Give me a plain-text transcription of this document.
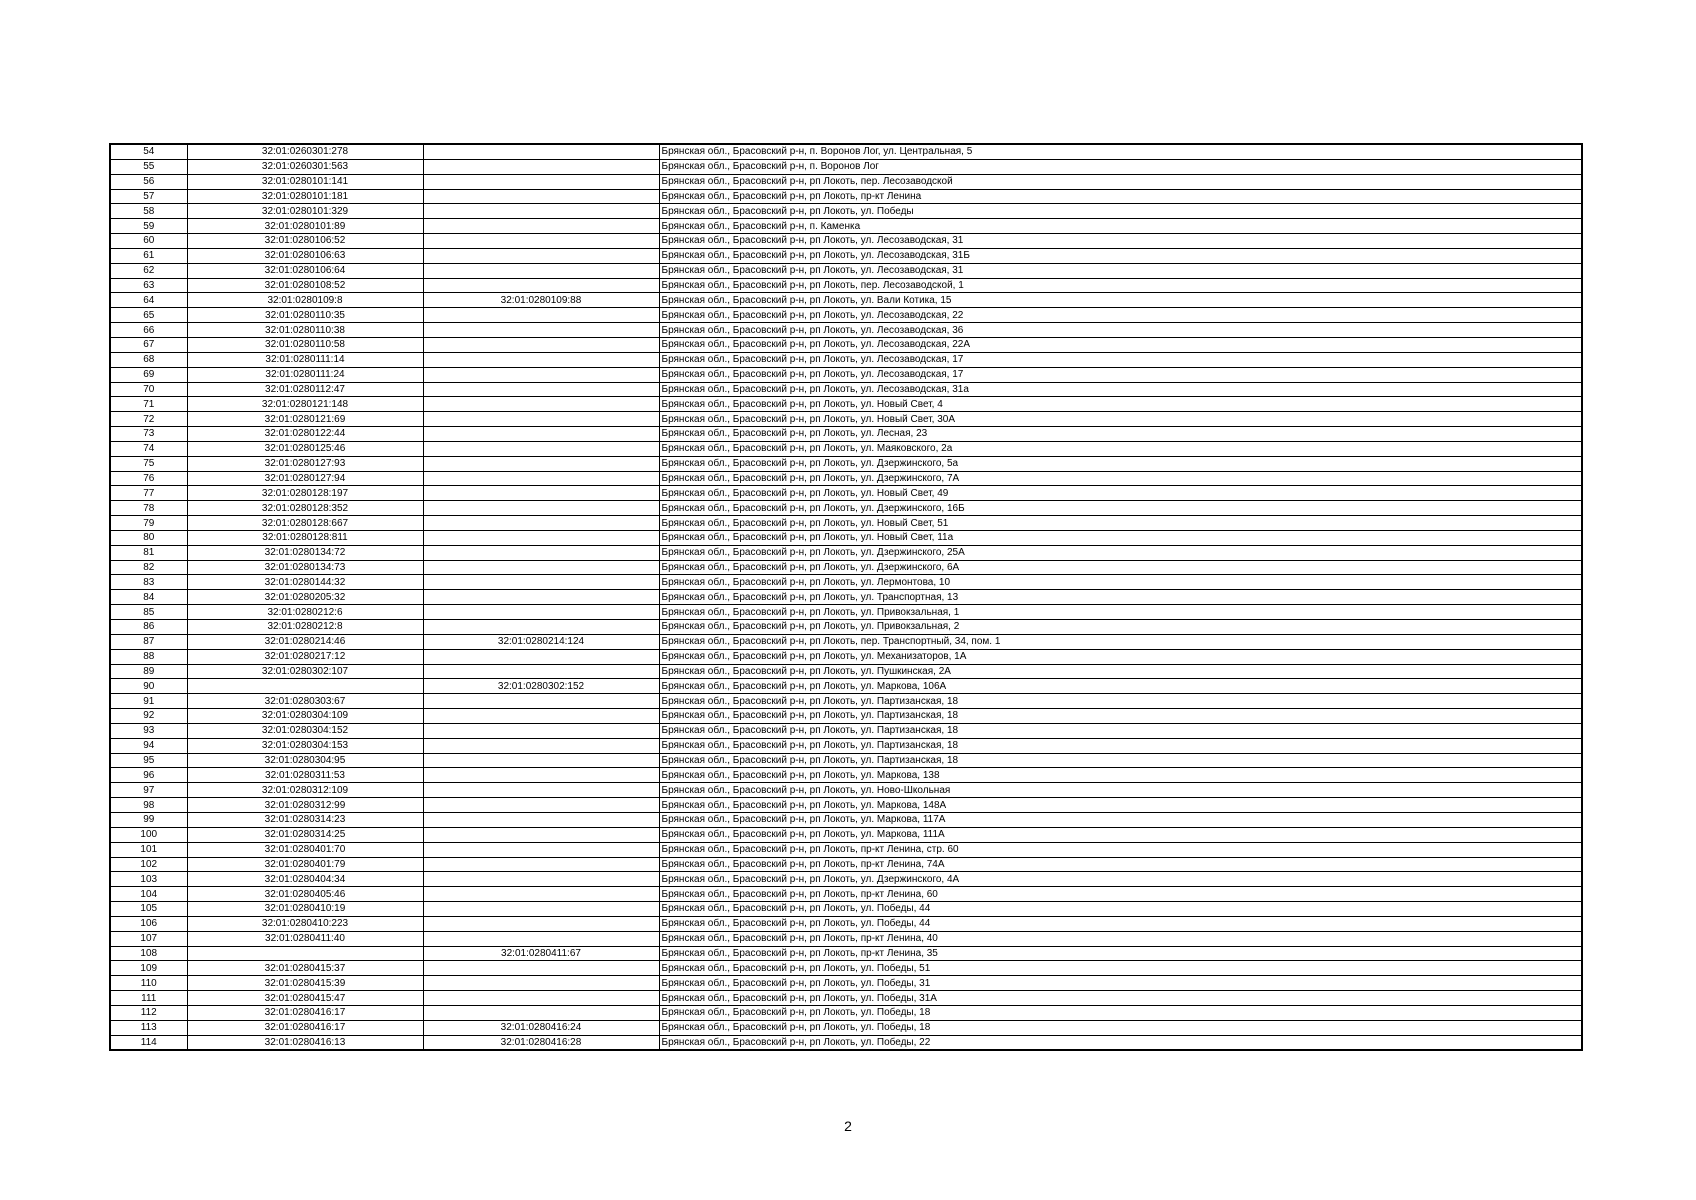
54	32:01:0260301:278		Брянская обл., Брасовский р-н, п. Воронов Лог, ул. Центральная, 5
55	32:01:0260301:563		Брянская обл., Брасовский р-н, п. Воронов Лог
56	32:01:0280101:141		Брянская обл., Брасовский р-н, рп Локоть, пер. Лесозаводской
57	32:01:0280101:181		Брянская обл., Брасовский р-н, рп Локоть, пр-кт Ленина
58	32:01:0280101:329		Брянская обл., Брасовский р-н, рп Локоть, ул. Победы
59	32:01:0280101:89		Брянская обл., Брасовский р-н, п. Каменка
60	32:01:0280106:52		Брянская обл., Брасовский р-н, рп Локоть, ул. Лесозаводская, 31
61	32:01:0280106:63		Брянская обл., Брасовский р-н, рп Локоть, ул. Лесозаводская, 31Б
62	32:01:0280106:64		Брянская обл., Брасовский р-н, рп Локоть, ул. Лесозаводская, 31
63	32:01:0280108:52		Брянская обл., Брасовский р-н, рп Локоть, пер. Лесозаводской, 1
64	32:01:0280109:8	32:01:0280109:88	Брянская обл., Брасовский р-н, рп Локоть, ул. Вали Котика, 15
65	32:01:0280110:35		Брянская обл., Брасовский р-н, рп Локоть, ул. Лесозаводская, 22
66	32:01:0280110:38		Брянская обл., Брасовский р-н, рп Локоть, ул. Лесозаводская, 36
67	32:01:0280110:58		Брянская обл., Брасовский р-н, рп Локоть, ул. Лесозаводская, 22А
68	32:01:0280111:14		Брянская обл., Брасовский р-н, рп Локоть, ул. Лесозаводская, 17
69	32:01:0280111:24		Брянская обл., Брасовский р-н, рп Локоть, ул. Лесозаводская, 17
70	32:01:0280112:47		Брянская обл., Брасовский р-н, рп Локоть, ул. Лесозаводская, 31а
71	32:01:0280121:148		Брянская обл., Брасовский р-н, рп Локоть, ул. Новый Свет, 4
72	32:01:0280121:69		Брянская обл., Брасовский р-н, рп Локоть, ул. Новый Свет, 30А
73	32:01:0280122:44		Брянская обл., Брасовский р-н, рп Локоть, ул. Лесная, 23
74	32:01:0280125:46		Брянская обл., Брасовский р-н, рп Локоть, ул. Маяковского, 2а
75	32:01:0280127:93		Брянская обл., Брасовский р-н, рп Локоть, ул. Дзержинского, 5а
76	32:01:0280127:94		Брянская обл., Брасовский р-н, рп Локоть, ул. Дзержинского, 7А
77	32:01:0280128:197		Брянская обл., Брасовский р-н, рп Локоть, ул. Новый Свет, 49
78	32:01:0280128:352		Брянская обл., Брасовский р-н, рп Локоть, ул. Дзержинского, 16Б
79	32:01:0280128:667		Брянская обл., Брасовский р-н, рп Локоть, ул. Новый Свет, 51
80	32:01:0280128:811		Брянская обл., Брасовский р-н, рп Локоть, ул. Новый Свет, 11а
81	32:01:0280134:72		Брянская обл., Брасовский р-н, рп Локоть, ул. Дзержинского, 25А
82	32:01:0280134:73		Брянская обл., Брасовский р-н, рп Локоть, ул. Дзержинского, 6А
83	32:01:0280144:32		Брянская обл., Брасовский р-н, рп Локоть, ул. Лермонтова, 10
84	32:01:0280205:32		Брянская обл., Брасовский р-н, рп Локоть, ул. Транспортная, 13
85	32:01:0280212:6		Брянская обл., Брасовский р-н, рп Локоть, ул. Привокзальная, 1
86	32:01:0280212:8		Брянская обл., Брасовский р-н, рп Локоть, ул. Привокзальная, 2
87	32:01:0280214:46	32:01:0280214:124	Брянская обл., Брасовский р-н, рп Локоть, пер. Транспортный, 34, пом. 1
88	32:01:0280217:12		Брянская обл., Брасовский р-н, рп Локоть, ул. Механизаторов, 1А
89	32:01:0280302:107		Брянская обл., Брасовский р-н, рп Локоть, ул. Пушкинская, 2А
90		32:01:0280302:152	Брянская обл., Брасовский р-н, рп Локоть, ул. Маркова, 106А
91	32:01:0280303:67		Брянская обл., Брасовский р-н, рп Локоть, ул. Партизанская, 18
92	32:01:0280304:109		Брянская обл., Брасовский р-н, рп Локоть, ул. Партизанская, 18
93	32:01:0280304:152		Брянская обл., Брасовский р-н, рп Локоть, ул. Партизанская, 18
94	32:01:0280304:153		Брянская обл., Брасовский р-н, рп Локоть, ул. Партизанская, 18
95	32:01:0280304:95		Брянская обл., Брасовский р-н, рп Локоть, ул. Партизанская, 18
96	32:01:0280311:53		Брянская обл., Брасовский р-н, рп Локоть, ул. Маркова, 138
97	32:01:0280312:109		Брянская обл., Брасовский р-н, рп Локоть, ул. Ново-Школьная
98	32:01:0280312:99		Брянская обл., Брасовский р-н, рп Локоть, ул. Маркова, 148А
99	32:01:0280314:23		Брянская обл., Брасовский р-н, рп Локоть, ул. Маркова, 117А
100	32:01:0280314:25		Брянская обл., Брасовский р-н, рп Локоть, ул. Маркова, 111А
101	32:01:0280401:70		Брянская обл., Брасовский р-н, рп Локоть, пр-кт Ленина, стр. 60
102	32:01:0280401:79		Брянская обл., Брасовский р-н, рп Локоть, пр-кт Ленина, 74А
103	32:01:0280404:34		Брянская обл., Брасовский р-н, рп Локоть, ул. Дзержинского, 4А
104	32:01:0280405:46		Брянская обл., Брасовский р-н, рп Локоть, пр-кт Ленина, 60
105	32:01:0280410:19		Брянская обл., Брасовский р-н, рп Локоть, ул. Победы, 44
106	32:01:0280410:223		Брянская обл., Брасовский р-н, рп Локоть, ул. Победы, 44
107	32:01:0280411:40		Брянская обл., Брасовский р-н, рп Локоть, пр-кт Ленина, 40
108		32:01:0280411:67	Брянская обл., Брасовский р-н, рп Локоть, пр-кт Ленина, 35
109	32:01:0280415:37		Брянская обл., Брасовский р-н, рп Локоть, ул. Победы, 51
110	32:01:0280415:39		Брянская обл., Брасовский р-н, рп Локоть, ул. Победы, 31
111	32:01:0280415:47		Брянская обл., Брасовский р-н, рп Локоть, ул. Победы, 31А
112	32:01:0280416:17		Брянская обл., Брасовский р-н, рп Локоть, ул. Победы, 18
113	32:01:0280416:17	32:01:0280416:24	Брянская обл., Брасовский р-н, рп Локоть, ул. Победы, 18
114	32:01:0280416:13	32:01:0280416:28	Брянская обл., Брасовский р-н, рп Локоть, ул. Победы, 22
2
